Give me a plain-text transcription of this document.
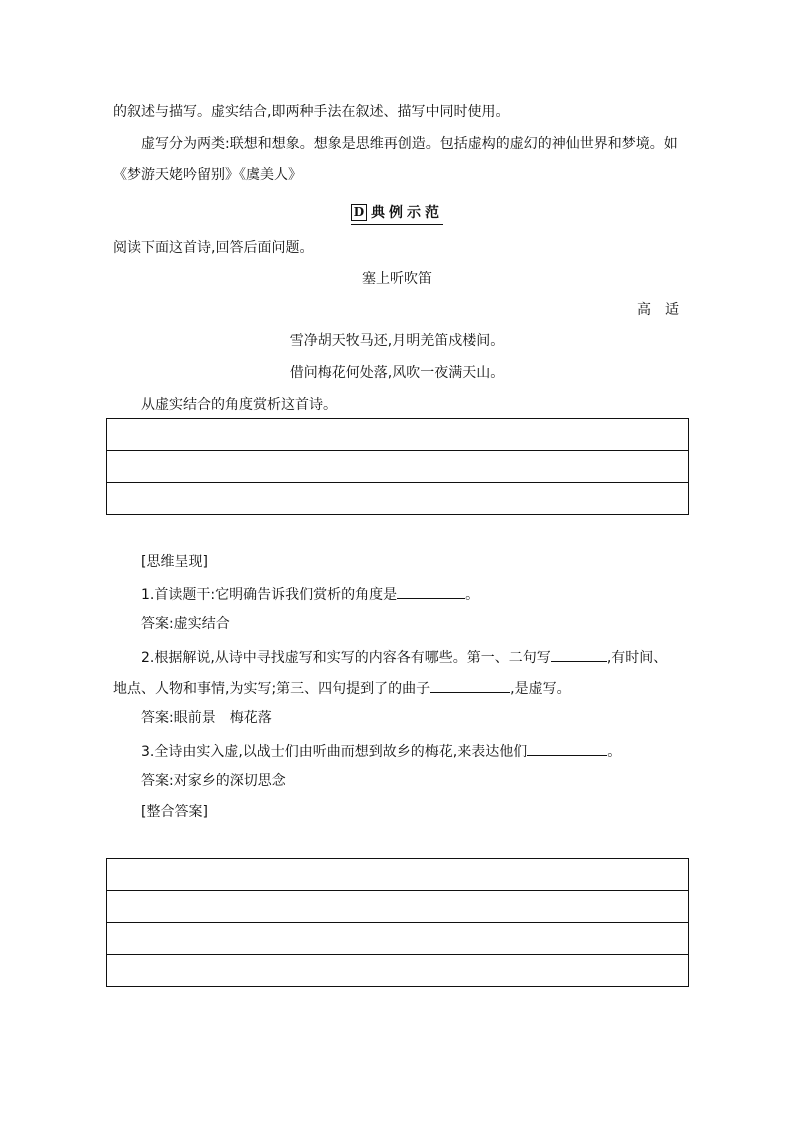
的叙述与描写。虚实结合,即两种手法在叙述、描写中同时使用。
虚写分为两类:联想和想象。想象是思维再创造。包括虚构的虚幻的神仙世界和梦境。如
《梦游天姥吟留别》《虞美人》
D 典例示范
阅读下面这首诗,回答后面问题。
塞上听吹笛
高　适
雪净胡天牧马还,月明羌笛戍楼间。
借问梅花何处落,风吹一夜满天山。
从虚实结合的角度赏析这首诗。
[思维呈现]
1.首读题干:它明确告诉我们赏析的角度是	。
答案:虚实结合
2.根据解说,从诗中寻找虚写和实写的内容各有哪些。第一、二句写	,有时间、
地点、人物和事情,为实写;第三、四句提到了的曲子	,是虚写。
答案:眼前景　梅花落
3.全诗由实入虚,以战士们由听曲而想到故乡的梅花,来表达他们	。
答案:对家乡的深切思念
[整合答案]
